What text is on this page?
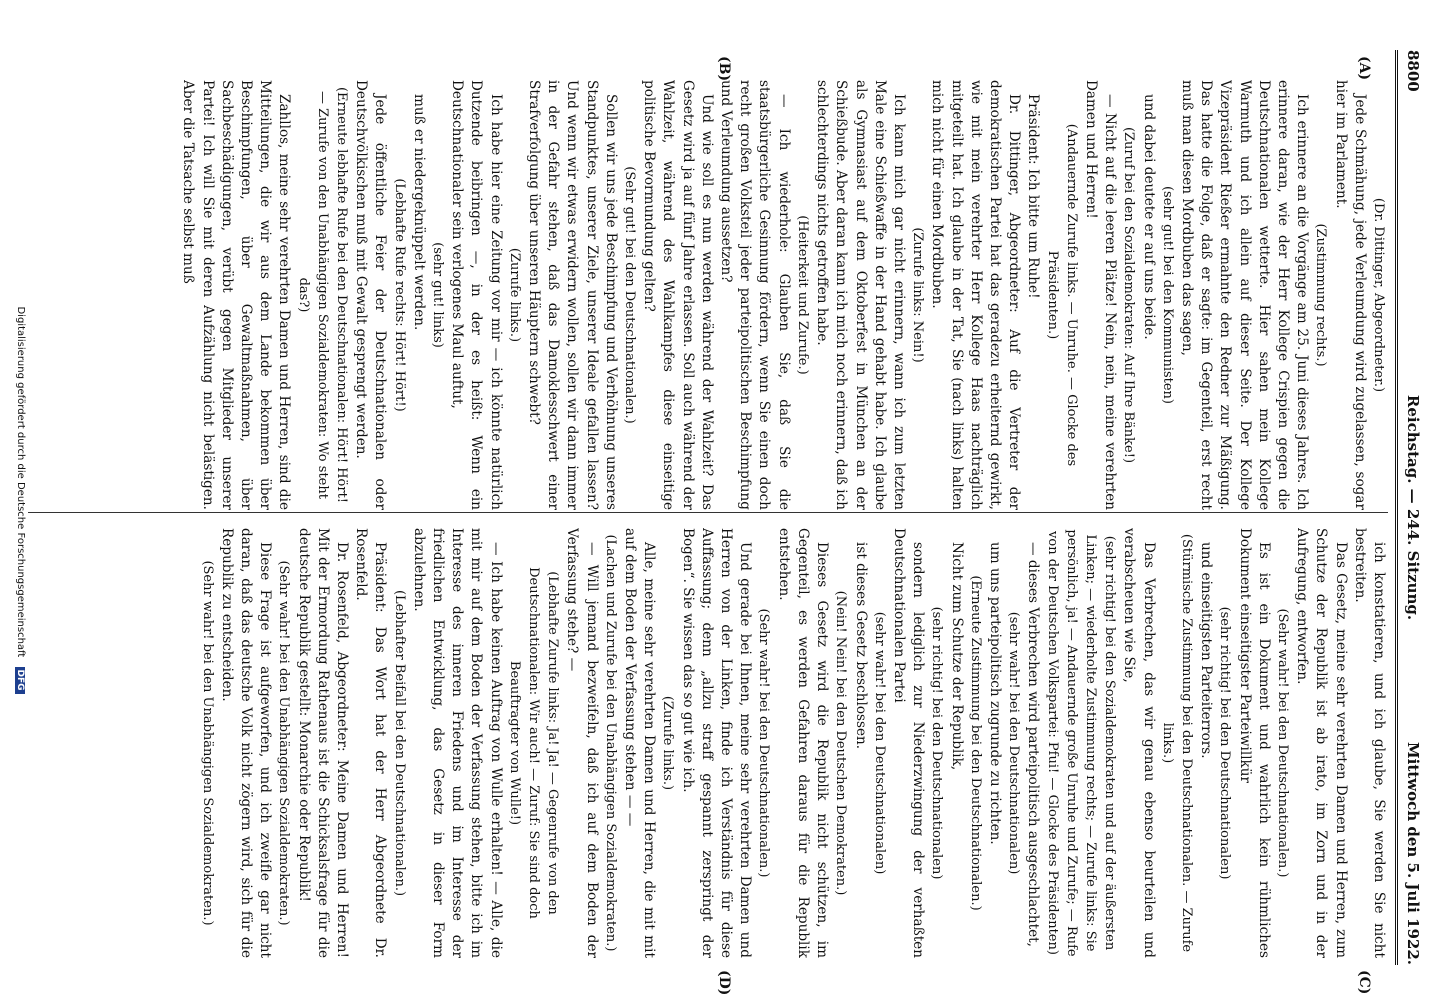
8800
Reichstag. — 244. Sitzung.
Mittwoch den 5. Juli 1922.
(A)
(B)
(C)
(D)

(Dr. Dittinger, Abgeordneter.)

Jede Schmähung, jede Verleumdung wird zugelassen, sogar hier im Parlament.

(Zustimmung rechts.)

Ich erinnere an die Vorgänge am 25. Juni dieses Jahres. Ich erinnere daran, wie der Herr Kollege Crispien gegen die Deutschnationalen wetterte. Hier sahen mein Kollege Warmuth und ich allein auf dieser Seite. Der Kollege Vizepräsident Rießer ermahnte den Redner zur Mäßigung. Das hatte die Folge, daß er sagte: im Gegenteil, erst recht muß man diesen Mordbuben das sagen,

(sehr gut! bei den Kommunisten)

und dabei deutete er auf uns beide.

(Zuruf bei den Sozialdemokraten: Auf Ihre Bänke!)

— Nicht auf die leeren Plätze! Nein, nein, meine verehrten Damen und Herren!

(Andauernde Zurufe links. — Unruhe. — Glocke des Präsidenten.)

Präsident: Ich bitte um Ruhe!

Dr. Dittinger, Abgeordneter: Auf die Vertreter der demokratischen Partei hat das geradezu erheiternd gewirkt, wie mit mein verehrter Herr Kollege Haas nachträglich mitgeteilt hat. Ich glaube in der Tat, Sie (nach links) halten mich nicht für einen Mordbuben.

(Zurufe links: Nein!)

Ich kann mich gar nicht erinnern, wann ich zum letzten Male eine Schießwaffe in der Hand gehabt habe. Ich glaube als Gymnasiast auf dem Oktoberfest in München an der Schießbude. Aber daran kann ich mich noch erinnern, daß ich schlechterdings nichts getroffen habe.

(Heiterkeit und Zurufe.)

— Ich wiederhole: Glauben Sie, daß Sie die staatsbürgerliche Gesinnung fördern, wenn Sie einen doch recht großen Volksteil jeder parteipolitischen Beschimpfung und Verleumdung aussetzen?

Und wie soll es nun werden während der Wahlzeit? Das Gesetz wird ja auf fünf Jahre erlassen. Soll auch während der Wahlzeit, während des Wahlkampfes diese einseitige politische Bevormundung gelten?

(Sehr gut! bei den Deutschnationalen.)

Sollen wir uns jede Beschimpfung und Verhöhnung unseres Standpunktes, unserer Ziele, unserer Ideale gefallen lassen? Und wenn wir etwas erwidern wollen, sollen wir dann immer in der Gefahr stehen, daß das Damoklesschwert einer Strafverfolgung über unseren Häuptern schwebt?

(Zurufe links.)

Ich habe hier eine Zeitung vor mir — ich könnte natürlich Dutzende beibringen —, in der es heißt: Wenn ein Deutschnationaler sein verlogenes Maul auftut,

(sehr gut! links)

muß er niedergeknüppelt werden.

(Lebhafte Rufe rechts: Hört! Hört!)

Jede öffentliche Feier der Deutschnationalen oder Deutschvölkischen muß mit Gewalt gesprengt werden.

(Erneute lebhafte Rufe bei den Deutschnationalen: Hört! Hört! — Zurufe von den Unabhängigen Sozialdemokraten: Wo steht das?)

Zahllos, meine sehr verehrten Damen und Herren, sind die Mitteilungen, die wir aus dem Lande bekommen über Beschimpfungen, über Gewaltmaßnahmen, über Sachbeschädigungen, verübt gegen Mitglieder unserer Partei! Ich will Sie mit deren Aufzählung nicht belästigen. Aber die Tatsache selbst muß

ich konstatieren, und ich glaube, Sie werden Sie nicht bestreiten.

Das Gesetz, meine sehr verehrten Damen und Herren, zum Schutze der Republik ist ab irato, im Zorn und in der Aufregung, entworfen.

(Sehr wahr! bei den Deutschnationalen.)

Es ist ein Dokument und wahrlich kein rühmliches Dokument einseitigster Parteiwillkür

(sehr richtig! bei den Deutschnationalen)

und einseitigsten Parteiterrors.

(Stürmische Zustimmung bei den Deutschnationalen. — Zurufe links.)

Das Verbrechen, das wir genau ebenso beurteilen und verabscheuen wie Sie,

(sehr richtig! bei den Sozialdemokraten und auf der äußersten Linken; — wiederholte Zustimmung rechts; — Zurufe links: Sie persönlich, ja! — Andauernde große Unruhe und Zurufe; — Rufe von der Deutschen Volkspartei: Pfui! — Glocke des Präsidenten)

— dieses Verbrechen wird parteipolitisch ausgeschlachtet,

(sehr wahr! bei den Deutschnationalen)

um uns parteipolitisch zugrunde zu richten.

(Erneute Zustimmung bei den Deutschnationalen.)

Nicht zum Schutze der Republik,

(sehr richtig! bei den Deutschnationalen)

sondern lediglich zur Niederzwingung der verhaßten Deutschnationalen Partei

(sehr wahr! bei den Deutschnationalen)

ist dieses Gesetz beschlossen.

(Nein! Nein! bei den Deutschen Demokraten.)

Dieses Gesetz wird die Republik nicht schützen, im Gegenteil, es werden Gefahren daraus für die Republik entstehen.

(Sehr wahr! bei den Deutschnationalen.)

Und gerade bei Ihnen, meine sehr verehrten Damen und Herren von der Linken, finde ich Verständnis für diese Auffassung; denn „allzu straff gespannt zerspringt der Bogen“. Sie wissen das so gut wie ich.

(Zurufe links.)

Alle, meine sehr verehrten Damen und Herren, die mit mit auf dem Boden der Verfassung stehen — —

(Lachen und Zurufe bei den Unabhängigen Sozialdemokraten.)

— Will jemand bezweifeln, daß ich auf dem Boden der Verfassung stehe? —

(Lebhafte Zurufe links: Ja! Ja! — Gegenrufe von den Deutschnationalen: Wir auch! — Zuruf: Sie sind doch Beauftragter von Wulle!)

— Ich habe keinen Auftrag von Wulle erhalten! — Alle, die mit mir auf dem Boden der Verfassung stehen, bitte ich im Interesse des inneren Friedens und im Interesse der friedlichen Entwicklung, das Gesetz in dieser Form abzulehnen.

(Lebhafter Beifall bei den Deutschnationalen.)

Präsident: Das Wort hat der Herr Abgeordnete Dr. Rosenfeld.

Dr. Rosenfeld, Abgeordneter: Meine Damen und Herren! Mit der Ermordung Rathenaus ist die Schicksalsfrage für die deutsche Republik gestellt: Monarchie oder Republik!

(Sehr wahr! bei den Unabhängigen Sozialdemokraten.)

Diese Frage ist aufgeworfen, und ich zweifle gar nicht daran, daß das deutsche Volk nicht zögern wird, sich für die Republik zu entscheiden.

(Sehr wahr! bei den Unabhängigen Sozialdemokraten.)

Digitalisierung gefördert durch die Deutsche Forschungsgemeinschaft DFG
